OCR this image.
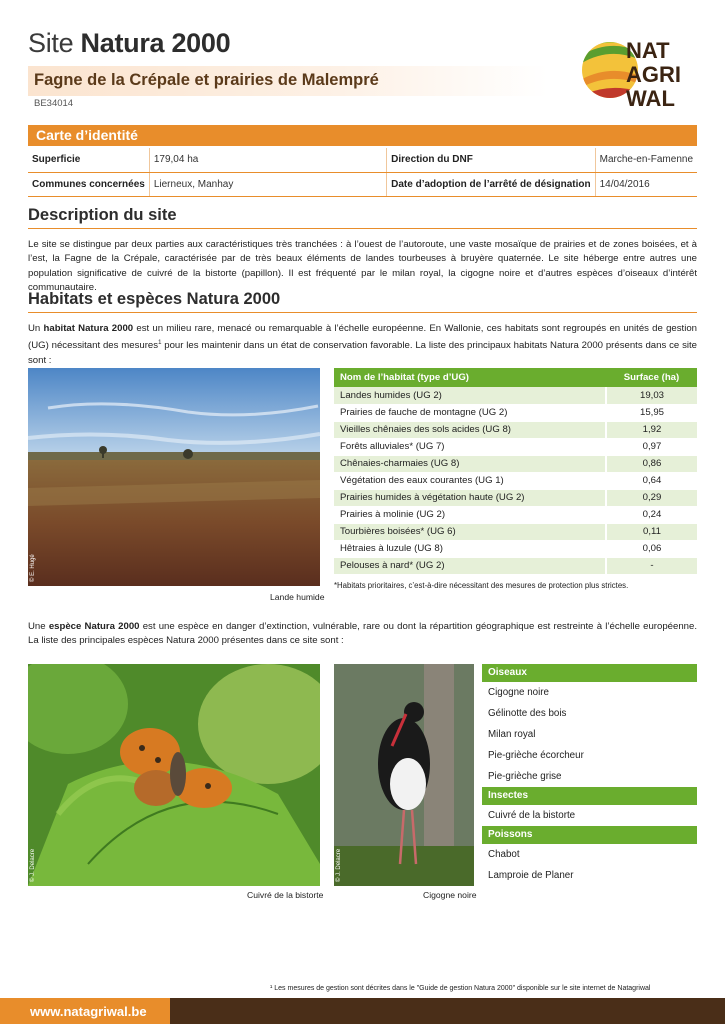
Site Natura 2000
Fagne de la Crépale et prairies de Malempré
BE34014
NAT
AGRI
WAL
Carte d’identité
Superficie	179,04 ha	Direction du DNF	Marche-en-Famenne
Communes concernées	Lierneux, Manhay	Date d’adoption de l’arrêté de désignation	14/04/2016
Description du site
Le site se distingue par deux parties aux caractéristiques très tranchées : à l’ouest de l’autoroute, une vaste mosaïque de prairies et de zones boisées, et à l’est, la Fagne de la Crépale, caractérisée par de très beaux éléments de landes tourbeuses à bruyère quaternée. Le site héberge entre autres une population significative de cuivré de la bistorte (papillon). Il est fréquenté par le milan royal, la cigogne noire et d’autres espèces d’oiseaux d’intérêt communautaire.
Habitats et espèces Natura 2000
Un habitat Natura 2000 est un milieu rare, menacé ou remarquable à l’échelle européenne. En Wallonie, ces habitats sont regroupés en unités de gestion (UG) nécessitant des mesures$^1$ pour les maintenir dans un état de conservation favorable. La liste des principaux habitats Natura 2000 présents dans ce site sont :
© E. Hugé
Lande humide
Nom de l’habitat (type d’UG)	Surface (ha)
Landes humides (UG 2)	19,03
Prairies de fauche de montagne (UG 2)	15,95
Vieilles chênaies des sols acides (UG 8)	1,92
Forêts alluviales* (UG 7)	0,97
Chênaies-charmaies (UG 8)	0,86
Végétation des eaux courantes (UG 1)	0,64
Prairies humides à végétation haute (UG 2)	0,29
Prairies à molinie (UG 2)	0,24
Tourbières boisées* (UG 6)	0,11
Hêtraies à luzule (UG 8)	0,06
Pelouses à nard* (UG 2)	-
*Habitats prioritaires, c’est-à-dire nécessitant des mesures de protection plus strictes.
Une espèce Natura 2000 est une espèce en danger d’extinction, vulnérable, rare ou dont la répartition géographique est restreinte à l’échelle européenne. La liste des principales espèces Natura 2000 présentes dans ce site sont :
© J. Delacre
Cuivré de la bistorte
© J. Delacre
Cigogne noire
Oiseaux
Cigogne noire
Gélinotte des bois
Milan royal
Pie-grièche écorcheur
Pie-grièche grise
Insectes
Cuivré de la bistorte
Poissons
Chabot
Lamproie de Planer
¹ Les mesures de gestion sont décrites dans le "Guide de gestion Natura 2000" disponible sur le site internet de Natagriwal
www.natagriwal.be
